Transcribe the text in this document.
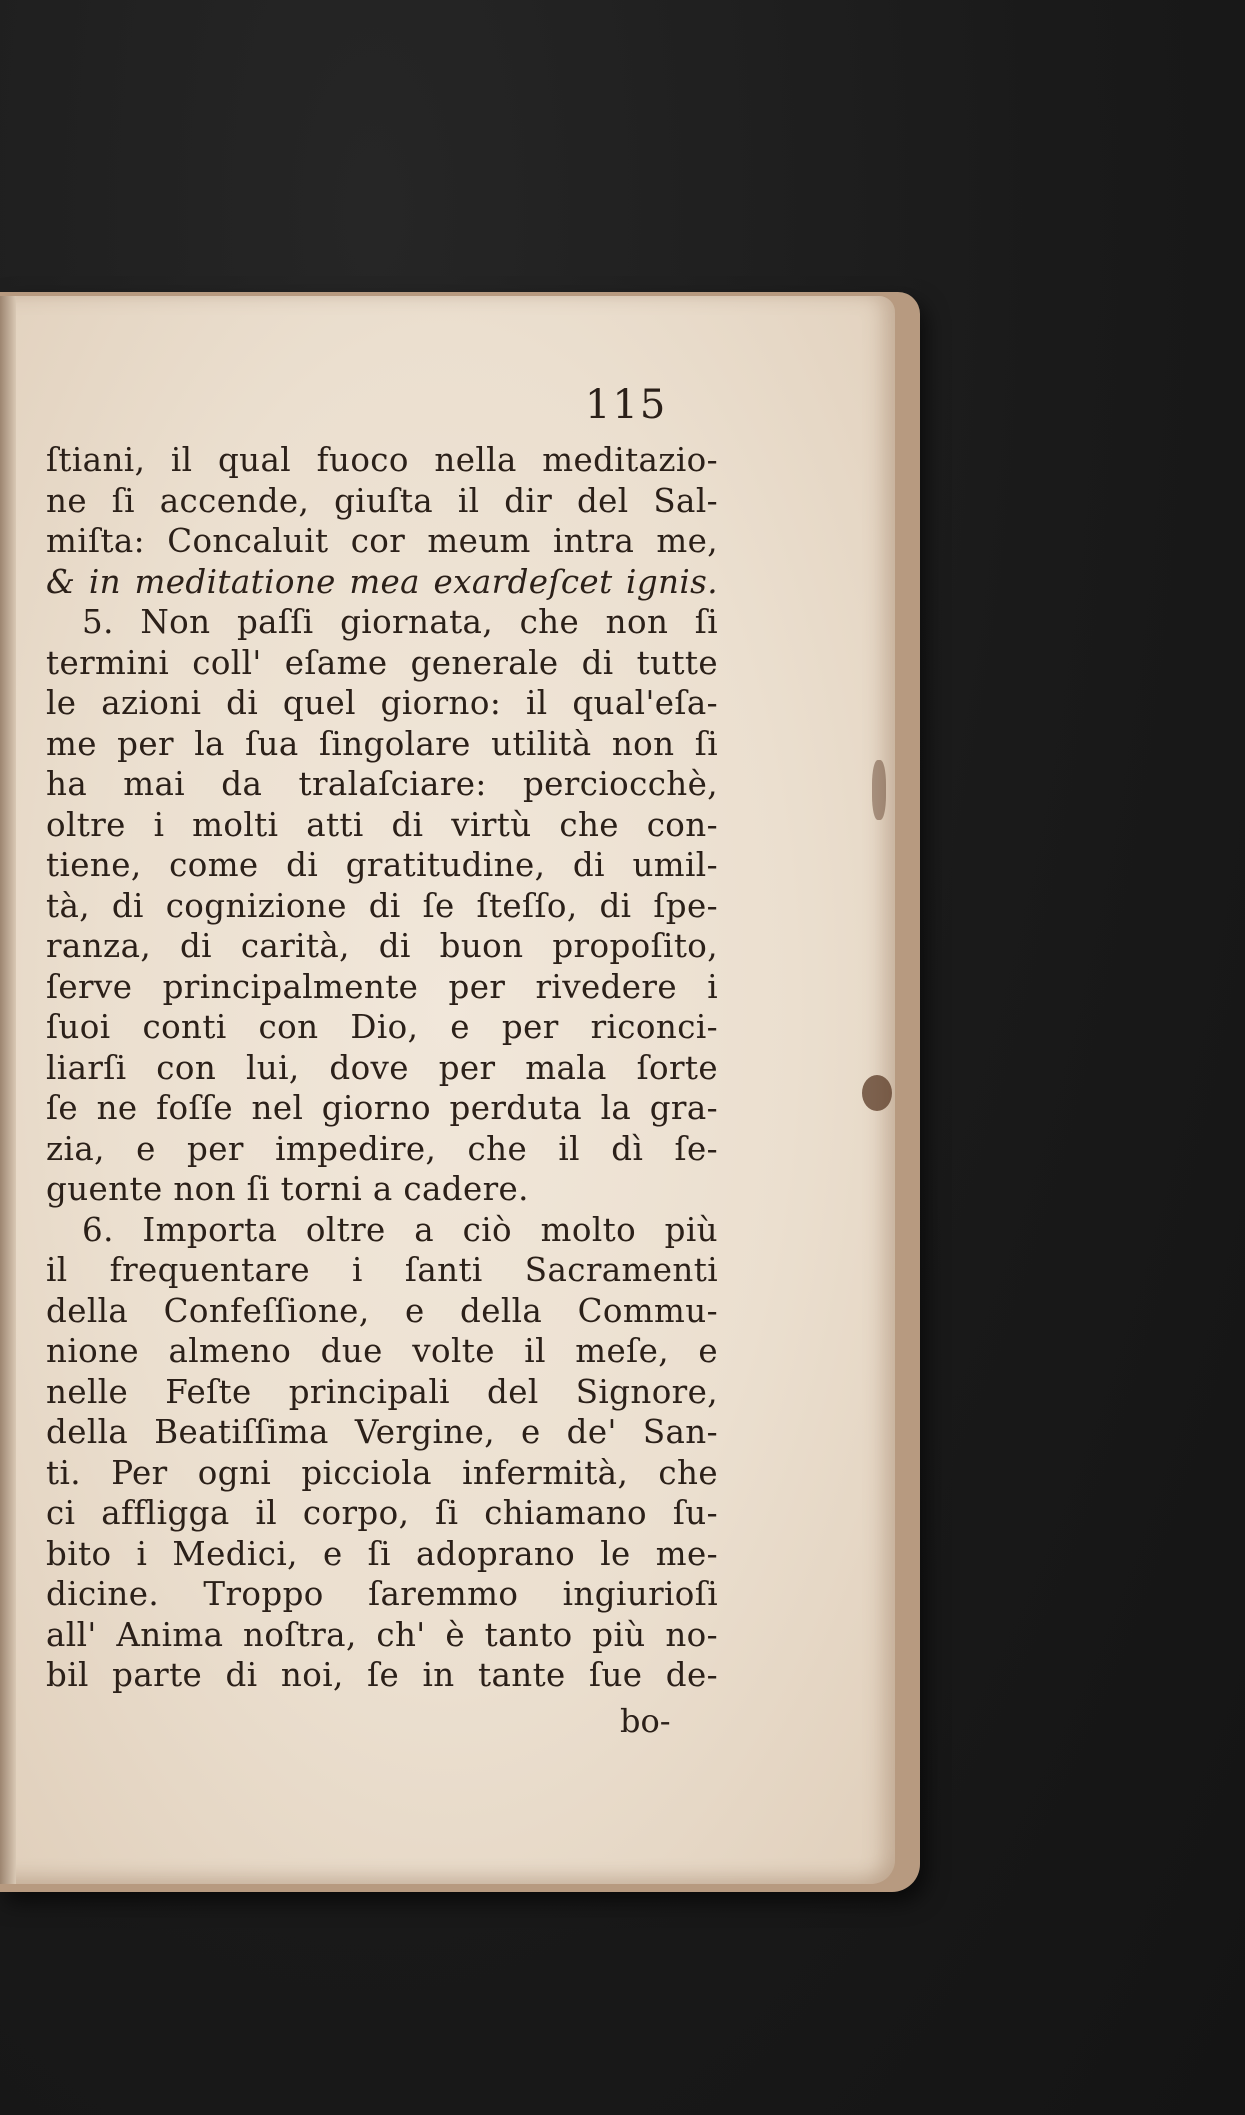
115
ſtiani, il qual fuoco nella meditazio-
ne ſi accende, giuſta il dir del Sal-
miſta: Concaluit cor meum intra me,
& in meditatione mea exardeſcet ignis.
5. Non paſſi giornata, che non ſi
termini coll' eſame generale di tutte
le azioni di quel giorno: il qual'eſa-
me per la ſua ſingolare utilità non ſi
ha mai da tralaſciare: perciocchè,
oltre i molti atti di virtù che con-
tiene, come di gratitudine, di umil-
tà, di cognizione di ſe ſteſſo, di ſpe-
ranza, di carità, di buon propoſito,
ſerve principalmente per rivedere i
ſuoi conti con Dio, e per riconci-
liarſi con lui, dove per mala ſorte
ſe ne foſſe nel giorno perduta la gra-
zia, e per impedire, che il dì ſe-
guente non ſi torni a cadere.
6. Importa oltre a ciò molto più
il frequentare i ſanti Sacramenti
della Confeſſione, e della Commu-
nione almeno due volte il meſe, e
nelle Feſte principali del Signore,
della Beatiſſima Vergine, e de' San-
ti. Per ogni picciola infermità, che
ci affligga il corpo, ſi chiamano ſu-
bito i Medici, e ſi adoprano le me-
dicine. Troppo ſaremmo ingiurioſi
all' Anima noſtra, ch' è tanto più no-
bil parte di noi, ſe in tante ſue de-
bo-
